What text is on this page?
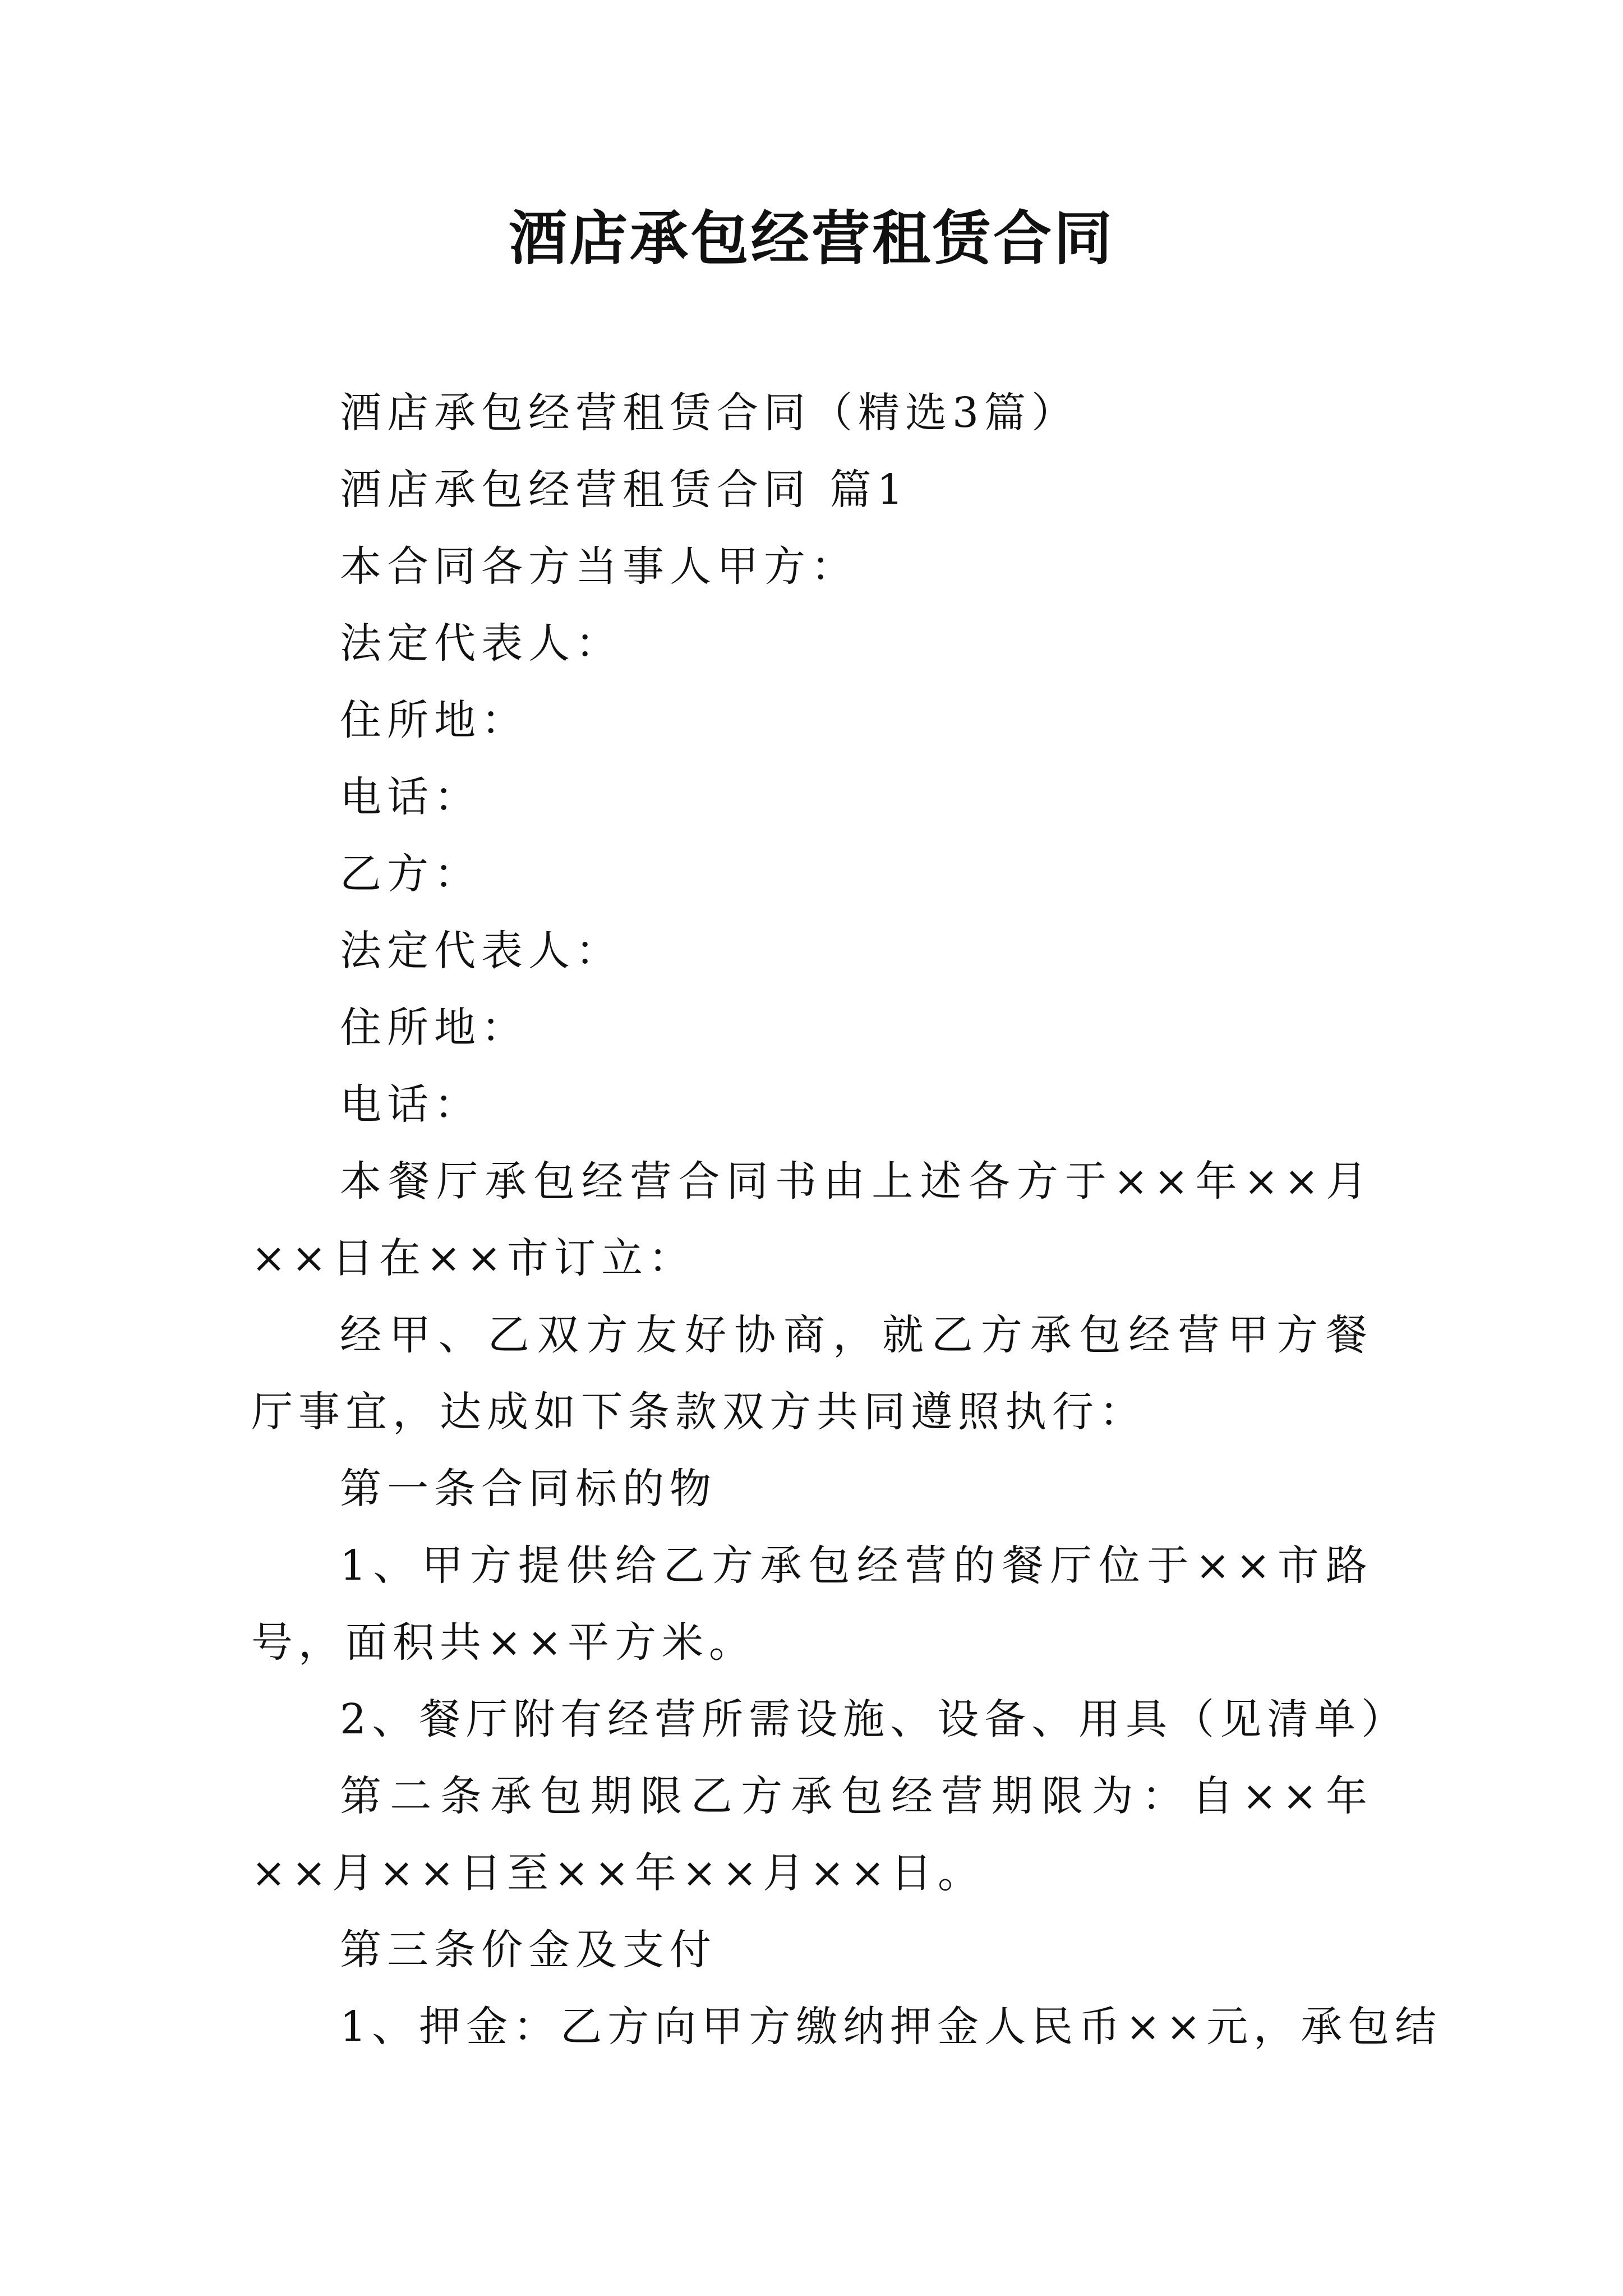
酒店承包经营租赁合同

酒店承包经营租赁合同（精选3篇）

酒店承包经营租赁合同 篇1

本合同各方当事人甲方：

法定代表人：

住所地：

电话：

乙方：

法定代表人：

住所地：

电话：

本餐厅承包经营合同书由上述各方于××年××月××日在××市订立：

经甲、乙双方友好协商，就乙方承包经营甲方餐厅事宜，达成如下条款双方共同遵照执行：

第一条合同标的物

1、甲方提供给乙方承包经营的餐厅位于××市路号，面积共××平方米。

2、餐厅附有经营所需设施、设备、用具（见清单）

第二条承包期限乙方承包经营期限为：自××年××月××日至××年××月××日。

第三条价金及支付

1、押金：乙方向甲方缴纳押金人民币××元，承包结
